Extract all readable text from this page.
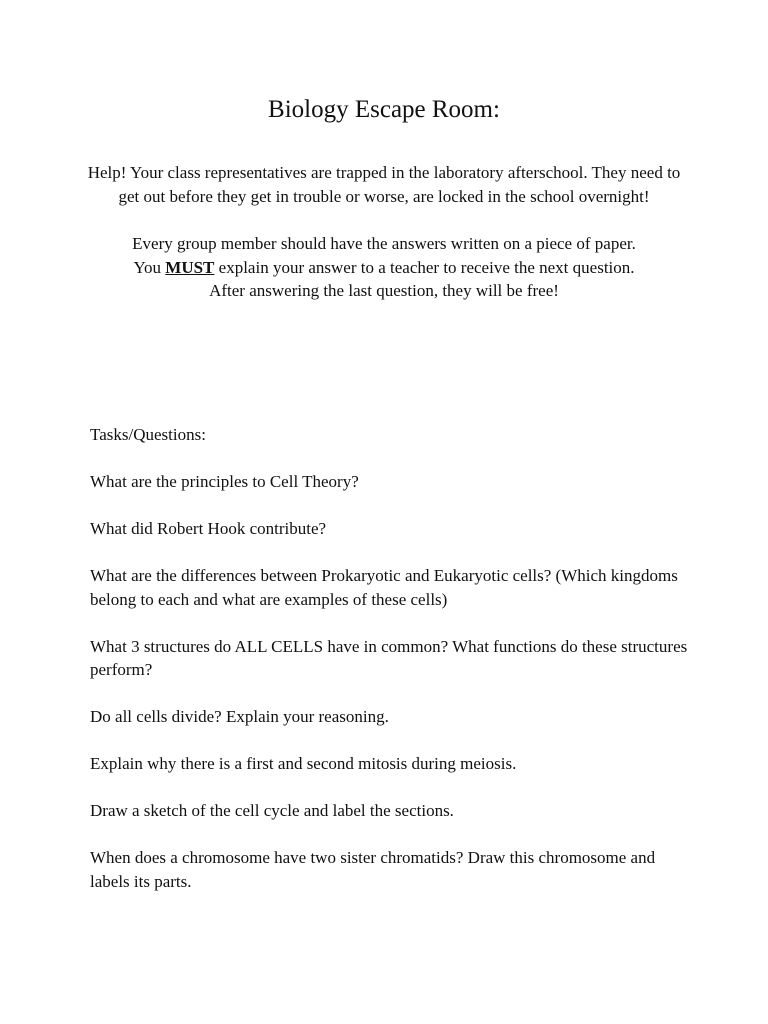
Biology Escape Room:

Help! Your class representatives are trapped in the laboratory afterschool. They need to get out before they get in trouble or worse, are locked in the school overnight!

Every group member should have the answers written on a piece of paper.

You MUST explain your answer to a teacher to receive the next question.

After answering the last question, they will be free!

Tasks/Questions:

What are the principles to Cell Theory?

What did Robert Hook contribute?

What are the differences between Prokaryotic and Eukaryotic cells? (Which kingdoms belong to each and what are examples of these cells)

What 3 structures do ALL CELLS have in common? What functions do these structures perform?

Do all cells divide? Explain your reasoning.

Explain why there is a first and second mitosis during meiosis.

Draw a sketch of the cell cycle and label the sections.

When does a chromosome have two sister chromatids? Draw this chromosome and labels its parts.
